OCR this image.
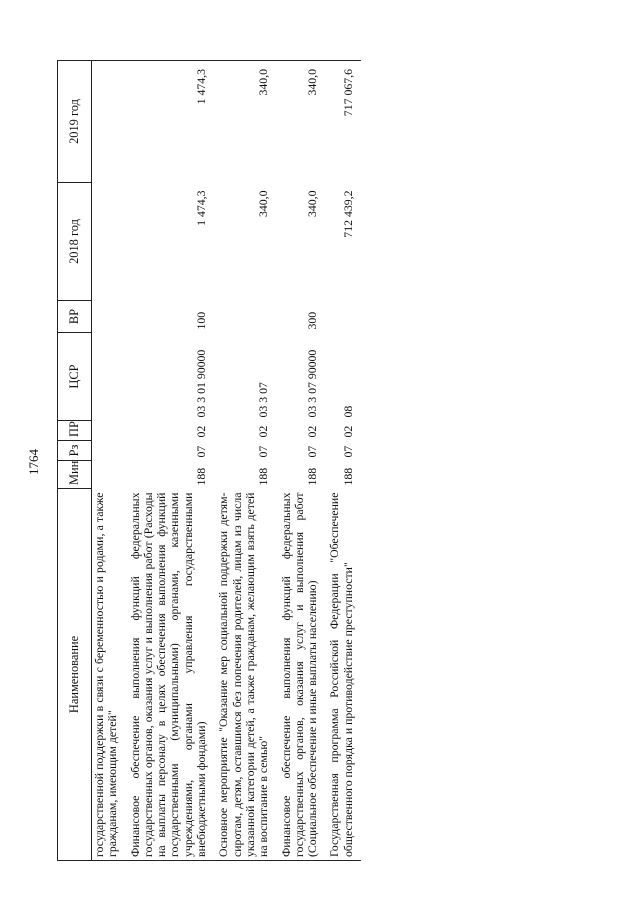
1764
Наименование	Мин	Рз	ПР	ЦСР	ВР	2018 год	2019 год
государственной поддержки в связи с беременностью и родами, а также гражданам, имеющим детей"							
Финансовое обеспечение выполнения функций федеральных государственных органов, оказания услуг и выполнения работ (Расходы на выплаты персоналу в целях обеспечения выполнения функций государственными (муниципальными) органами, казенными учреждениями, органами управления государственными внебюджетными фондами)	188	07	02	03 3 01 90000	100	1 474,3	1 474,3
Основное мероприятие "Оказание мер социальной поддержки детям-сиротам, детям, оставшимся без попечения родителей, лицам из числа указанной категории детей, а также гражданам, желающим взять детей на воспитание в семью"	188	07	02	03 3 07		340,0	340,0
Финансовое обеспечение выполнения функций федеральных государственных органов, оказания услуг и выполнения работ (Социальное обеспечение и иные выплаты населению)	188	07	02	03 3 07 90000	300	340,0	340,0
Государственная программа Российской Федерации "Обеспечение общественного порядка и противодействие преступности"	188	07	02	08		712 439,2	717 067,6
